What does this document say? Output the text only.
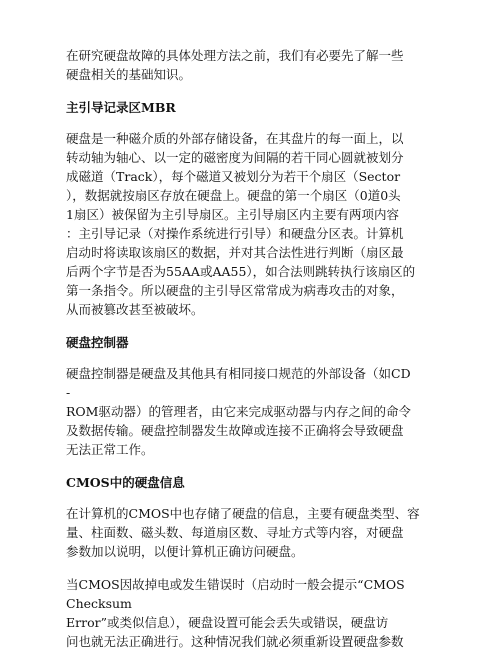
在研究硬盘故障的具体处理方法之前，我们有必要先了解一些
硬盘相关的基础知识。

主引导记录区MBR

硬盘是一种磁介质的外部存储设备，在其盘片的每一面上，以
转动轴为轴心、以一定的磁密度为间隔的若干同心圆就被划分
成磁道（Track），每个磁道又被划分为若干个扇区（Sector
），数据就按扇区存放在硬盘上。硬盘的第一个扇区（0道0头
1扇区）被保留为主引导扇区。主引导扇区内主要有两项内容
：主引导记录（对操作系统进行引导）和硬盘分区表。计算机
启动时将读取该扇区的数据，并对其合法性进行判断（扇区最
后两个字节是否为55AA或AA55），如合法则跳转执行该扇区的
第一条指令。所以硬盘的主引导区常常成为病毒攻击的对象，
从而被篡改甚至被破坏。

硬盘控制器

硬盘控制器是硬盘及其他具有相同接口规范的外部设备（如CD
-
ROM驱动器）的管理者，由它来完成驱动器与内存之间的命令
及数据传输。硬盘控制器发生故障或连接不正确将会导致硬盘
无法正常工作。

CMOS中的硬盘信息

在计算机的CMOS中也存储了硬盘的信息，主要有硬盘类型、容
量、柱面数、磁头数、每道扇区数、寻址方式等内容，对硬盘
参数加以说明，以便计算机正确访问硬盘。

当CMOS因故掉电或发生错误时（启动时一般会提示“CMOS
Checksum
Error”或类似信息），硬盘设置可能会丢失或错误，硬盘访
问也就无法正确进行。这种情况我们就必须重新设置硬盘参数
